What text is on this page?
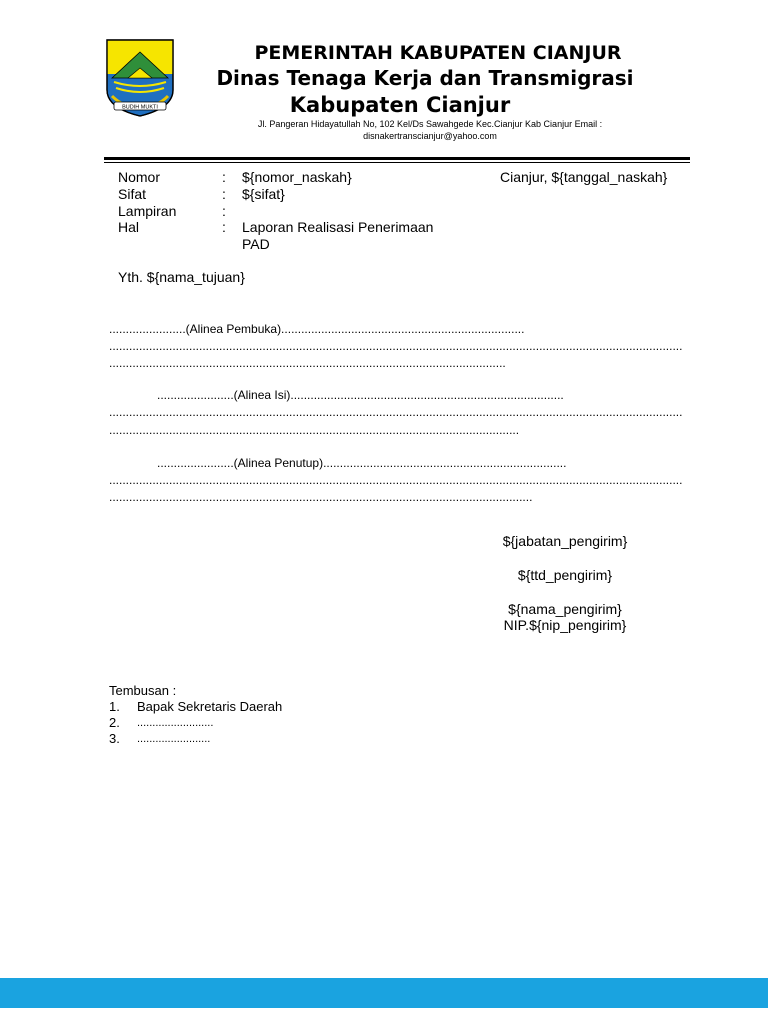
BUDIH MUKTI
PEMERINTAH KABUPATEN CIANJUR
Dinas Tenaga Kerja dan Transmigrasi
Kabupaten Cianjur
Jl. Pangeran Hidayatullah No, 102 Kel/Ds Sawahgede Kec.Cianjur Kab Cianjur Email :
disnakertranscianjur@yahoo.com
Nomor	: ${nomor_naskah}	Cianjur, ${tanggal_naskah}
Sifat	: ${sifat}
Lampiran	:
Hal	: Laporan Realisasi Penerimaan
PAD
Yth. ${nama_tujuan}
.......................(Alinea Pembuka).........................................................................
............................................................................................................................................................................
.......................................................................................................................
.......................(Alinea Isi)..................................................................................
............................................................................................................................................................................
...........................................................................................................................
.......................(Alinea Penutup).........................................................................
............................................................................................................................................................................
...............................................................................................................................
${jabatan_pengirim}
${ttd_pengirim}
${nama_pengirim}
NIP.${nip_pengirim}
Tembusan :
1. Bapak Sekretaris Daerah
2. .........................
3. ........................
